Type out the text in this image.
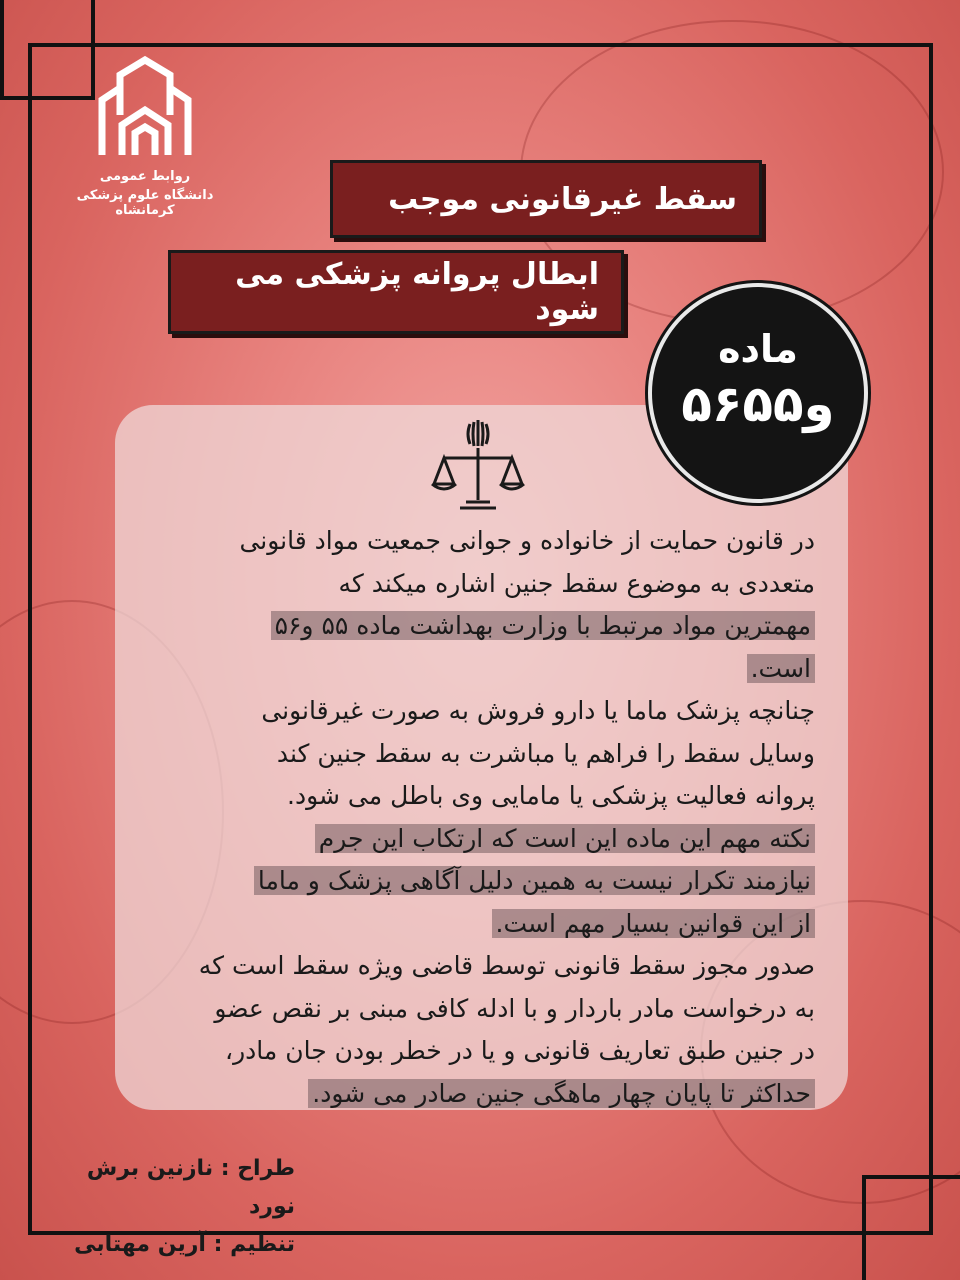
روابط عمومی
دانشگاه علوم پزشکی کرمانشاه	سقط غیرقانونی موجب
ابطال پروانه پزشکی می شود
ماده
۵۶و۵۵
در قانون حمایت از خانواده و جوانی جمعیت مواد قانونی
متعددی به موضوع سقط جنین اشاره میکند که
مهمترین مواد مرتبط با وزارت بهداشت ماده ۵۵ و۵۶
است.
چنانچه پزشک ماما یا دارو فروش به صورت غیرقانونی
وسایل سقط را فراهم یا مباشرت به سقط جنین کند
پروانه فعالیت پزشکی یا مامایی وی باطل می شود.
نکته مهم این ماده این است که ارتکاب این جرم
نیازمند تکرار نیست به همین دلیل آگاهی پزشک و ماما
از این قوانین بسیار مهم است.
صدور مجوز سقط قانونی توسط قاضی ویژه سقط است که
به درخواست مادر باردار و با ادله کافی مبنی بر نقص عضو
در جنین طبق تعاریف قانونی و یا در خطر بودن جان مادر،
حداکثر تا پایان چهار ماهگی جنین صادر می شود.
طراح : نازنین برش نورد
تنظیم : آرین مهتابی
